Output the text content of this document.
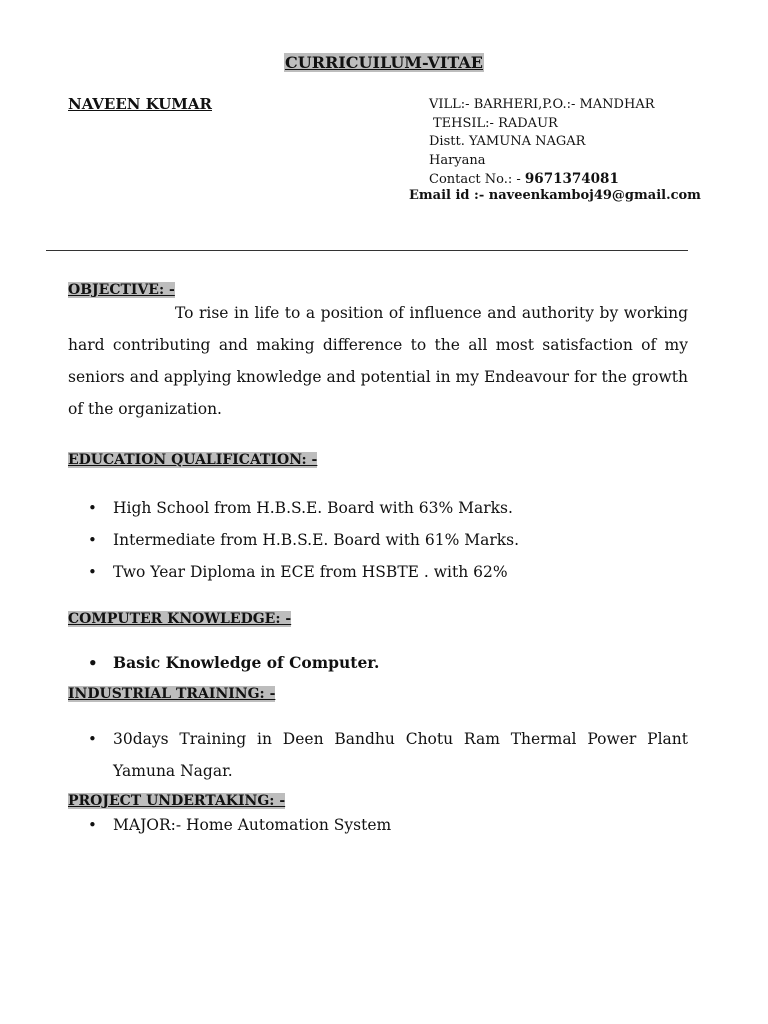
CURRICUILUM-VITAE
NAVEEN KUMAR	VILL:- BARHERI,P.O.:- MANDHAR
TEHSIL:- RADAUR
Distt. YAMUNA NAGAR
Haryana
Contact No.: - 9671374081
Email id :- naveenkamboj49@gmail.com
OBJECTIVE: -
To rise in life to a position of influence and authority by working hard contributing and making difference to the all most satisfaction of my seniors and applying knowledge and potential in my Endeavour for the growth of the organization.
EDUCATION QUALIFICATION: -
• High School from H.B.S.E. Board with 63% Marks.
• Intermediate from H.B.S.E. Board with 61% Marks.
• Two Year Diploma in ECE from HSBTE . with 62%
COMPUTER KNOWLEDGE: -
• Basic Knowledge of Computer.
INDUSTRIAL TRAINING: -
• 30days Training in Deen Bandhu Chotu Ram Thermal Power Plant Yamuna Nagar.
PROJECT UNDERTAKING: -
• MAJOR:- Home Automation System
